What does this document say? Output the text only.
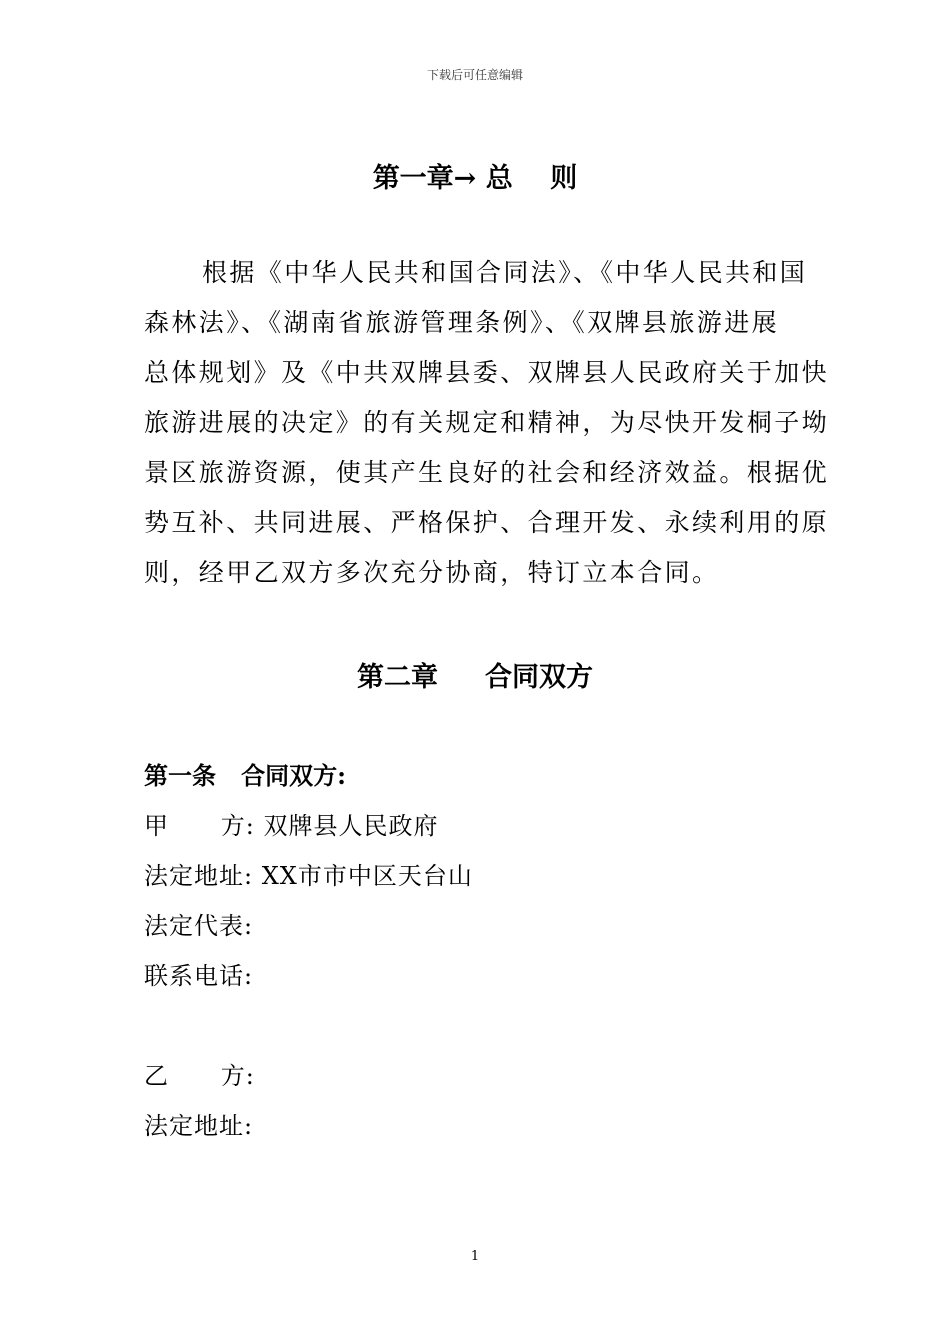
下载后可任意编辑
第一章→ 总    则
根据《中华人民共和国合同法》、《中华人民共和国
森林法》、《湖南省旅游管理条例》、《双牌县旅游进展
总体规划》及《中共双牌县委、双牌县人民政府关于加快
旅游进展的决定》的有关规定和精神，为尽快开发桐子坳
景区旅游资源，使其产生良好的社会和经济效益。根据优
势互补、共同进展、严格保护、合理开发、永续利用的原
则，经甲乙双方多次充分协商，特订立本合同。
第二章     合同双方
第一条   合同双方:
甲      方: 双牌县人民政府
法定地址: XX市市中区天台山
法定代表:
联系电话:
乙      方:
法定地址:
1
